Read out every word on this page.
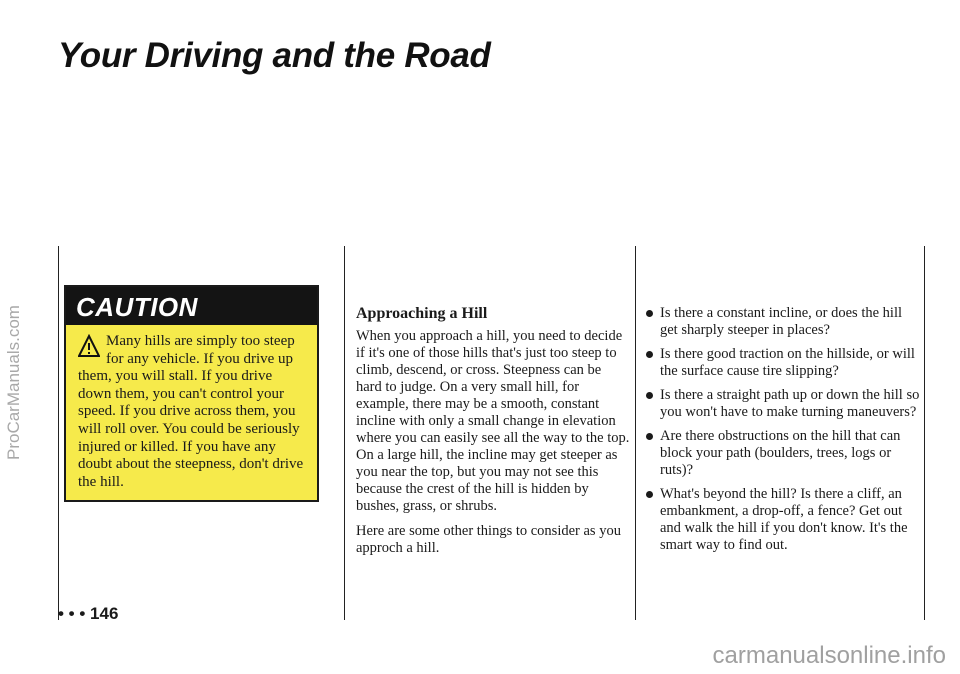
Your Driving and the Road
ProCarManuals.com	CAUTION
Many hills are simply too steep for any vehicle. If you drive up them, you will stall. If you drive down them, you can't control your speed. If you drive across them, you will roll over. You could be seriously injured or killed. If you have any doubt about the steepness, don't drive the hill.
Approaching a Hill

When you approach a hill, you need to decide if it's one of those hills that's just too steep to climb, descend, or cross. Steepness can be hard to judge. On a very small hill, for example, there may be a smooth, constant incline with only a small change in elevation where you can easily see all the way to the top. On a large hill, the incline may get steeper as you near the top, but you may not see this because the crest of the hill is hidden by bushes, grass, or shrubs.

Here are some other things to consider as you approch a hill.

Is there a constant incline, or does the hill get sharply steeper in places?
Is there good traction on the hillside, or will the surface cause tire slipping?
Is there a straight path up or down the hill so you won't have to make turning maneuvers?
Are there obstructions on the hill that can block your path (boulders, trees, logs or ruts)?
What's beyond the hill? Is there a cliff, an embankment, a drop-off, a fence? Get out and walk the hill if you don't know. It's the smart way to find out.
• • • 146
carmanualsonline.info
